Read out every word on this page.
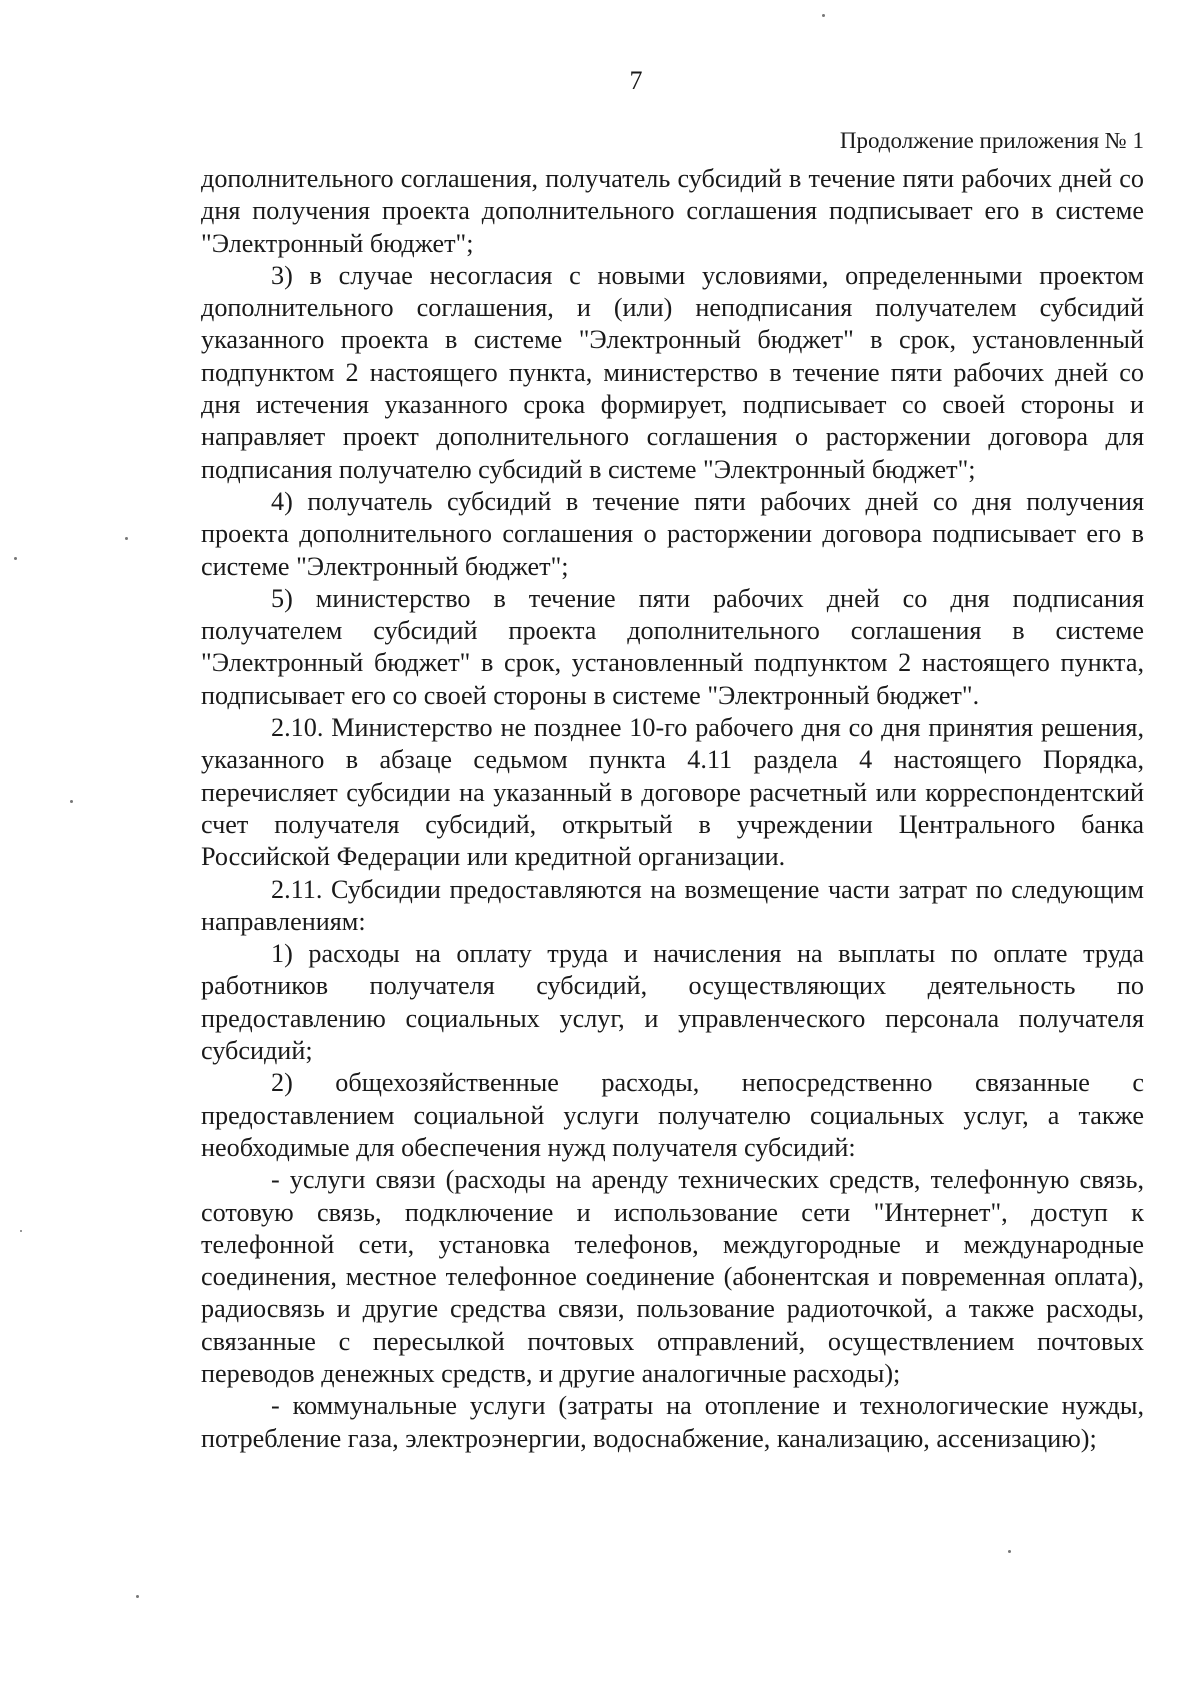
7
Продолжение приложения № 1

дополнительного соглашения, получатель субсидий в течение пяти рабочих дней со дня получения проекта дополнительного соглашения подписывает его в системе "Электронный бюджет";

3) в случае несогласия с новыми условиями, определенными проектом дополнительного соглашения, и (или) неподписания получателем субсидий указанного проекта в системе "Электронный бюджет" в срок, установленный подпунктом 2 настоящего пункта, министерство в течение пяти рабочих дней со дня истечения указанного срока формирует, подписывает со своей стороны и направляет проект дополнительного соглашения о расторжении договора для подписания получателю субсидий в системе "Электронный бюджет";

4) получатель субсидий в течение пяти рабочих дней со дня получения проекта дополнительного соглашения о расторжении договора подписывает его в системе "Электронный бюджет";

5) министерство в течение пяти рабочих дней со дня подписания получателем субсидий проекта дополнительного соглашения в системе "Электронный бюджет" в срок, установленный подпунктом 2 настоящего пункта, подписывает его со своей стороны в системе "Электронный бюджет".

2.10. Министерство не позднее 10-го рабочего дня со дня принятия решения, указанного в абзаце седьмом пункта 4.11 раздела 4 настоящего Порядка, перечисляет субсидии на указанный в договоре расчетный или корреспондентский счет получателя субсидий, открытый в учреждении Центрального банка Российской Федерации или кредитной организации.

2.11. Субсидии предоставляются на возмещение части затрат по следующим направлениям:

1) расходы на оплату труда и начисления на выплаты по оплате труда работников получателя субсидий, осуществляющих деятельность по предоставлению социальных услуг, и управленческого персонала получателя субсидий;

2) общехозяйственные расходы, непосредственно связанные с предоставлением социальной услуги получателю социальных услуг, а также необходимые для обеспечения нужд получателя субсидий:

- услуги связи (расходы на аренду технических средств, телефонную связь, сотовую связь, подключение и использование сети "Интернет", доступ к телефонной сети, установка телефонов, междугородные и международные соединения, местное телефонное соединение (абонентская и повременная оплата), радиосвязь и другие средства связи, пользование радиоточкой, а также расходы, связанные с пересылкой почтовых отправлений, осуществлением почтовых переводов денежных средств, и другие аналогичные расходы);

- коммунальные услуги (затраты на отопление и технологические нужды, потребление газа, электроэнергии, водоснабжение, канализацию, ассенизацию);
